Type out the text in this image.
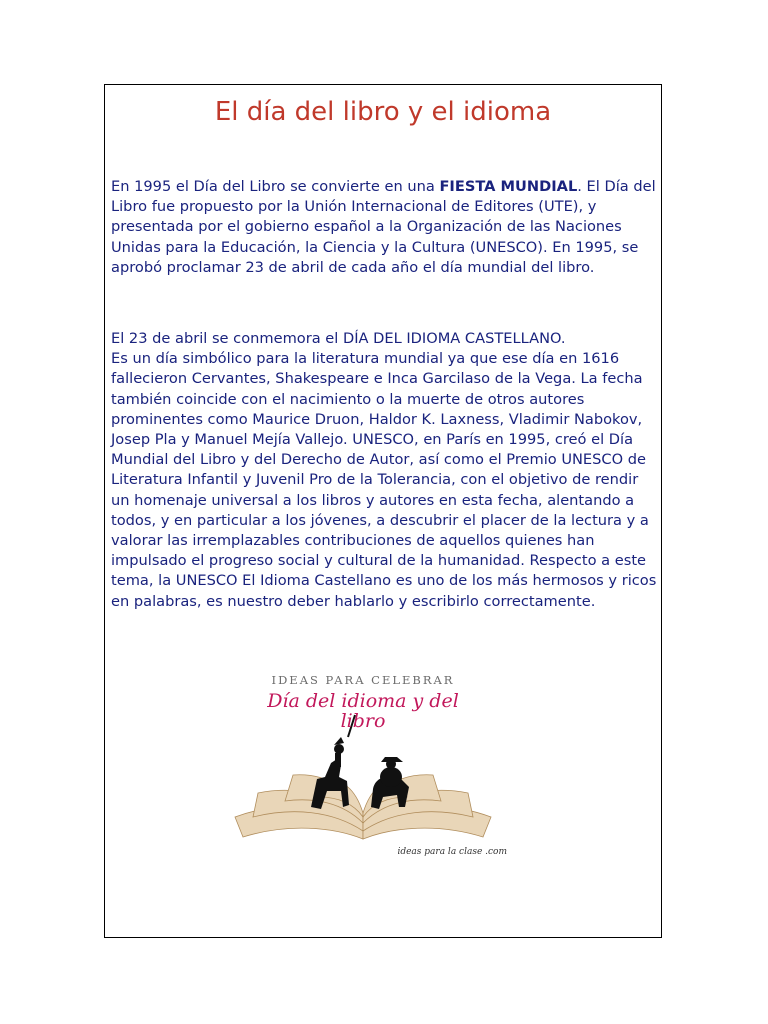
El día del libro y el idioma

En 1995 el Día del Libro se convierte en una FIESTA MUNDIAL. El Día del Libro fue propuesto por la Unión Internacional de Editores (UTE), y presentada por el gobierno español a la Organización de las Naciones Unidas para la Educación, la Ciencia y la Cultura (UNESCO). En 1995, se aprobó proclamar 23 de abril de cada año el día mundial del libro.

El 23 de abril se conmemora el DÍA DEL IDIOMA CASTELLANO.
Es un día simbólico para la literatura mundial ya que ese día en 1616 fallecieron Cervantes, Shakespeare e Inca Garcilaso de la Vega. La fecha también coincide con el nacimiento o la muerte de otros autores prominentes como Maurice Druon, Haldor K. Laxness, Vladimir Nabokov, Josep Pla y Manuel Mejía Vallejo. UNESCO, en París en 1995, creó el Día Mundial del Libro y del Derecho de Autor, así como el Premio UNESCO de Literatura Infantil y Juvenil Pro de la Tolerancia, con el objetivo de rendir un homenaje universal a los libros y autores en esta fecha, alentando a todos, y en particular a los jóvenes, a descubrir el placer de la lectura y a valorar las irremplazables contribuciones de aquellos quienes han impulsado el progreso social y cultural de la humanidad. Respecto a este tema, la UNESCO El Idioma Castellano es uno de los más hermosos y ricos en palabras, es nuestro deber hablarlo y escribirlo correctamente.

IDEAS PARA CELEBRAR
Día del idioma y del
libro
ideas para la clase .com
